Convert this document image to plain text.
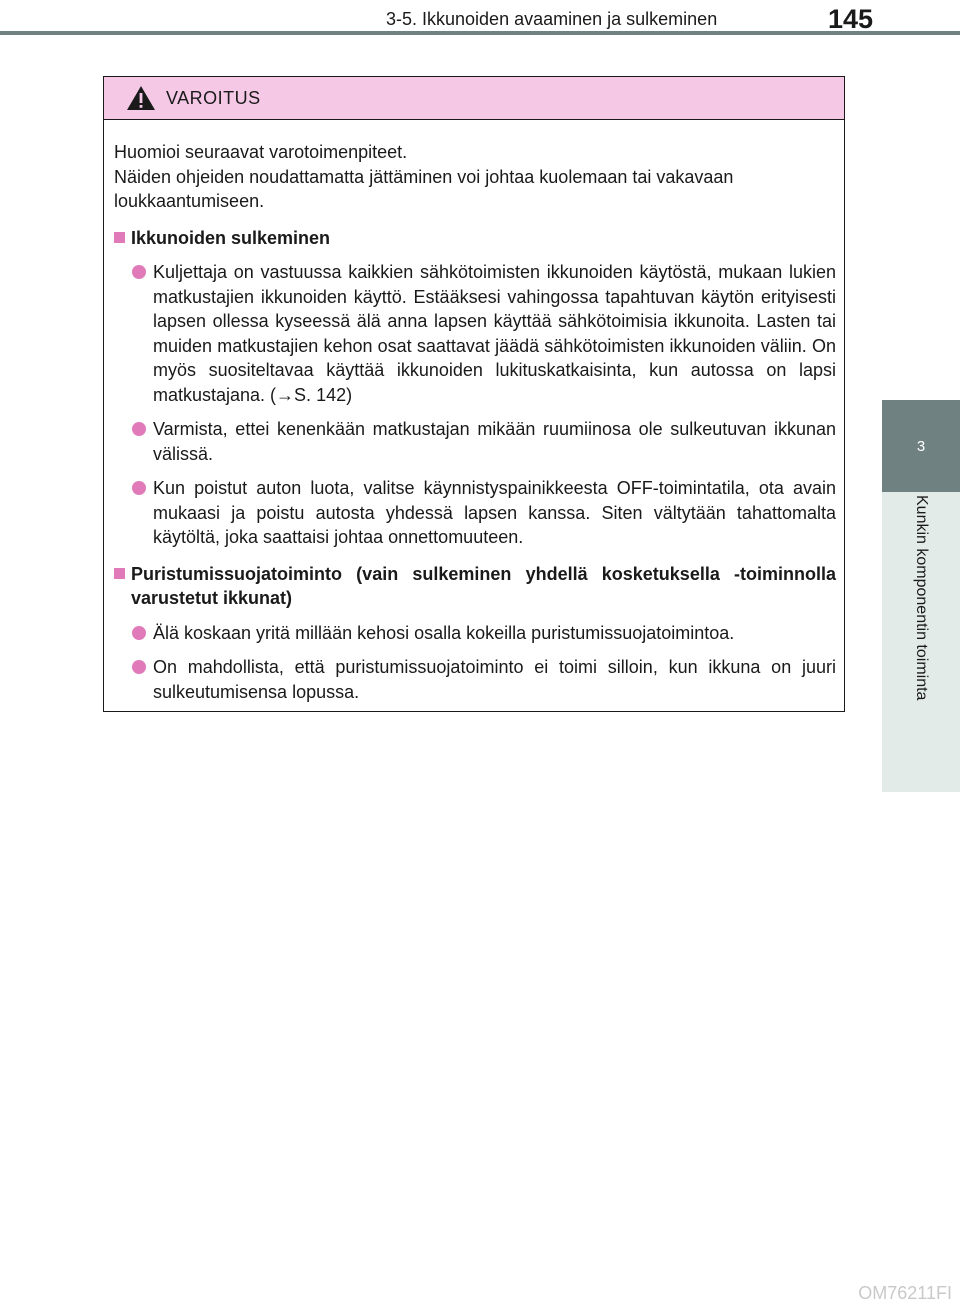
3-5. Ikkunoiden avaaminen ja sulkeminen	145
3
Kunkin komponentin toiminta
VAROITUS

Huomioi seuraavat varotoimenpiteet.
Näiden ohjeiden noudattamatta jättäminen voi johtaa kuolemaan tai vakavaan loukkaantumiseen.

Ikkunoiden sulkeminen
Kuljettaja on vastuussa kaikkien sähkötoimisten ikkunoiden käytöstä, mukaan lukien matkustajien ikkunoiden käyttö. Estääksesi vahingossa tapahtuvan käytön erityisesti lapsen ollessa kyseessä älä anna lapsen käyttää sähkötoimisia ikkunoita. Lasten tai muiden matkustajien kehon osat saattavat jäädä sähkötoimisten ikkunoiden väliin. On myös suositeltavaa käyttää ikkunoiden lukituskatkaisinta, kun autossa on lapsi matkustajana. (→S. 142)
Varmista, ettei kenenkään matkustajan mikään ruumiinosa ole sulkeutuvan ikkunan välissä.
Kun poistut auton luota, valitse käynnistyspainikkeesta OFF-toimintatila, ota avain mukaasi ja poistu autosta yhdessä lapsen kanssa. Siten vältytään tahattomalta käytöltä, joka saattaisi johtaa onnettomuuteen.
Puristumissuojatoiminto (vain sulkeminen yhdellä kosketuksella -toiminnolla varustetut ikkunat)
Älä koskaan yritä millään kehosi osalla kokeilla puristumissuojatoimintoa.
On mahdollista, että puristumissuojatoiminto ei toimi silloin, kun ikkuna on juuri sulkeutumisensa lopussa.
OM76211FI
